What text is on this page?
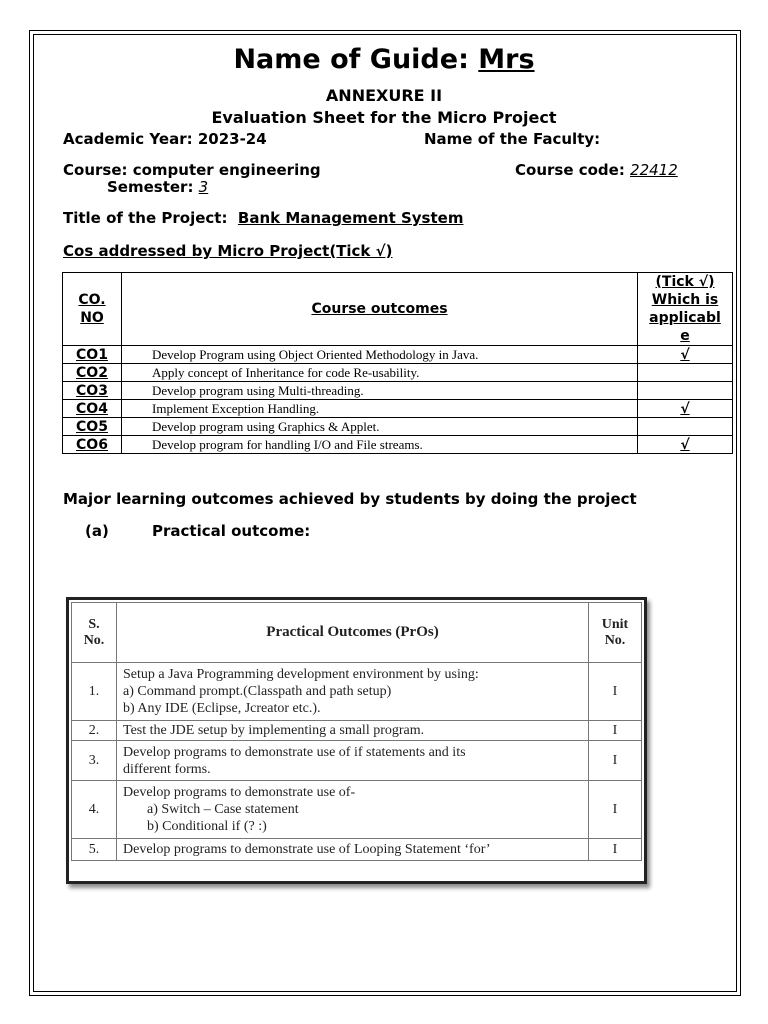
Name of Guide: Mrs
ANNEXURE II
Evaluation Sheet for the Micro Project
Academic Year: 2023-24	Name of the Faculty:
Course: computer engineering	Course code: 22412
Semester: 3
Title of the Project: Bank Management System
Cos addressed by Micro Project(Tick √)
CO.
NO	Course outcomes	(Tick √)
Which is
applicabl
e
CO1	Develop Program using Object Oriented Methodology in Java.	√
CO2	Apply concept of Inheritance for code Re-usability.	
CO3	Develop program using Multi-threading.	
CO4	Implement Exception Handling.	√
CO5	Develop program using Graphics & Applet.	
CO6	Develop program for handling I/O and File streams.	√
Major learning outcomes achieved by students by doing the project
(a)	Practical outcome:
S.
No.	Practical Outcomes (PrOs)	Unit
No.
1.	Setup a Java Programming development environment by using:
a) Command prompt.(Classpath and path setup)
b) Any IDE (Eclipse, Jcreator etc.).	I
2.	Test the JDE setup by implementing a small program.	I
3.	Develop programs to demonstrate use of if statements and its
different forms.	I
4.	Develop programs to demonstrate use of-
a) Switch – Case statement
b) Conditional if (? :)	I
5.	Develop programs to demonstrate use of Looping Statement ‘for’	I
